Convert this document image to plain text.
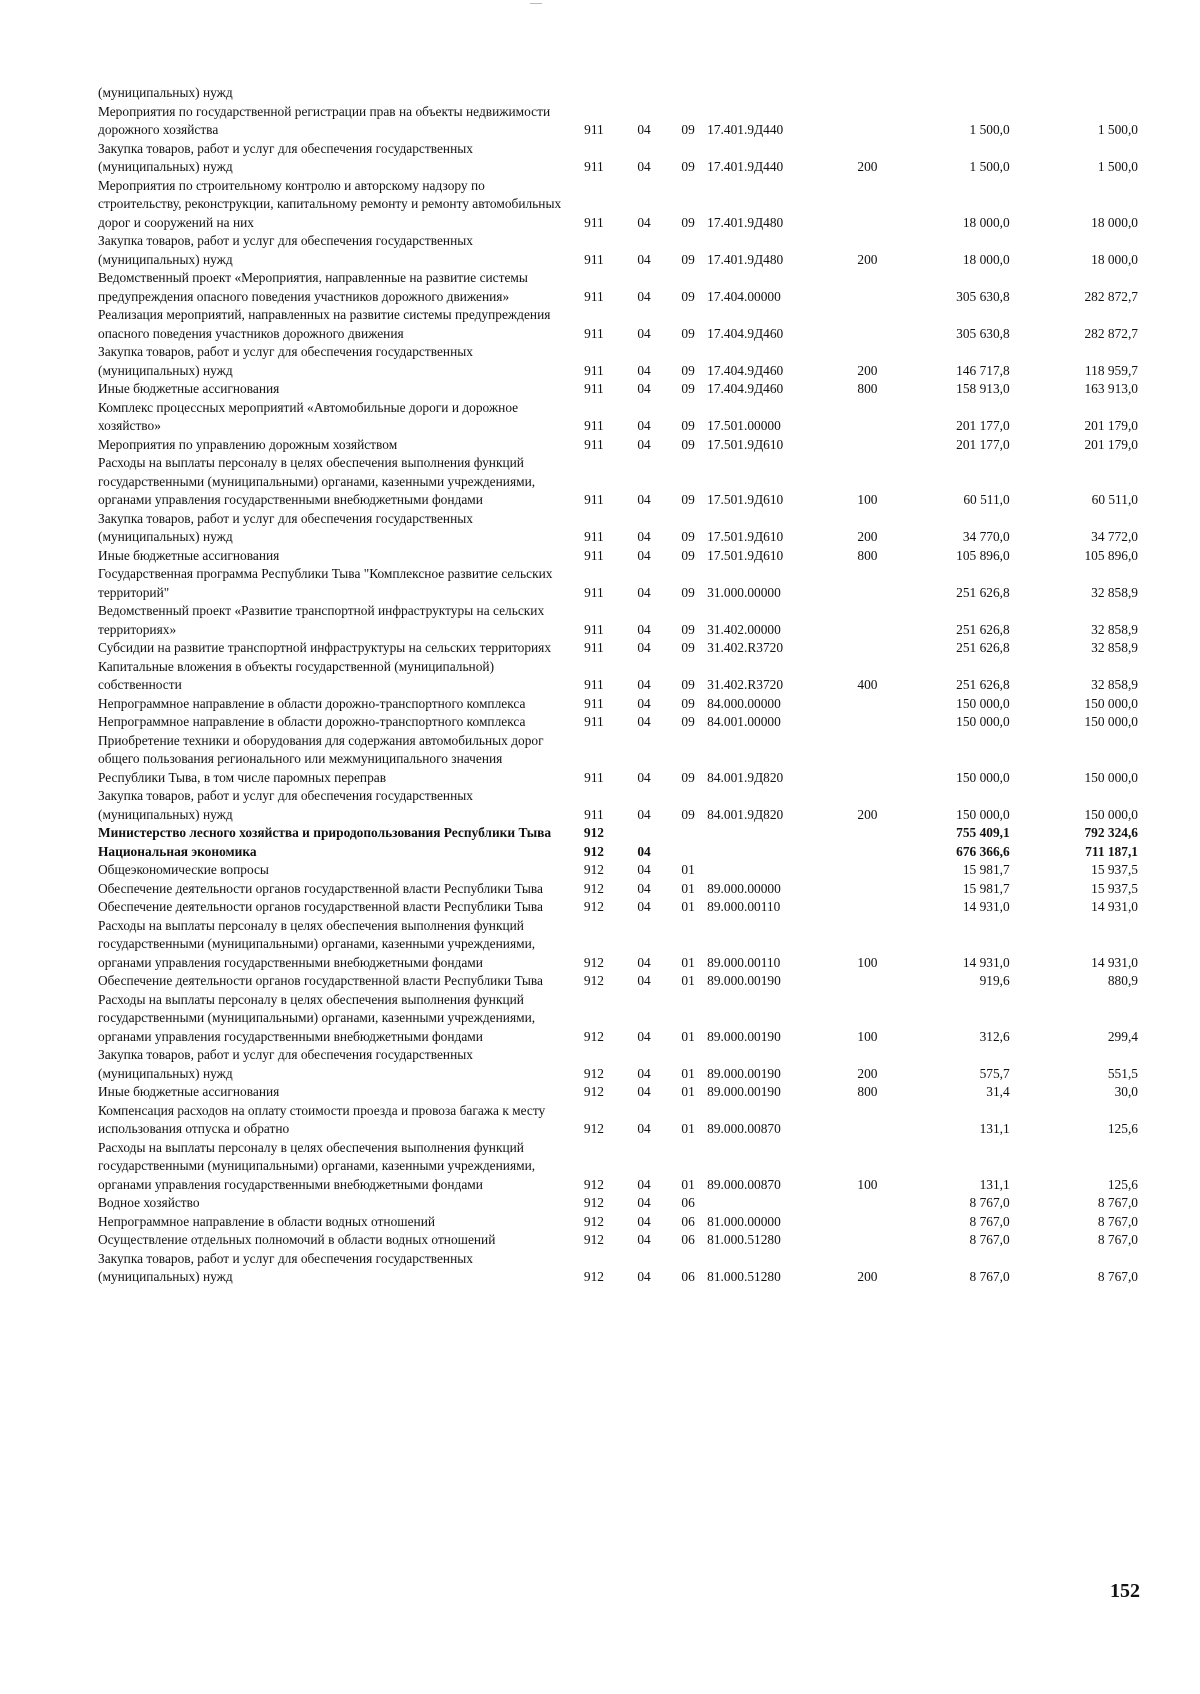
(муниципальных) нужд							
Мероприятия по государственной регистрации прав на объекты недвижимости дорожного хозяйства	911	04	09	17.401.9Д440		1 500,0	1 500,0
Закупка товаров, работ и услуг для обеспечения государственных (муниципальных) нужд	911	04	09	17.401.9Д440	200	1 500,0	1 500,0
Мероприятия по строительному контролю и авторскому надзору по строительству, реконструкции, капитальному ремонту и ремонту автомобильных дорог и сооружений на них	911	04	09	17.401.9Д480		18 000,0	18 000,0
Закупка товаров, работ и услуг для обеспечения государственных (муниципальных) нужд	911	04	09	17.401.9Д480	200	18 000,0	18 000,0
Ведомственный проект «Мероприятия, направленные на развитие системы предупреждения опасного поведения участников дорожного движения»	911	04	09	17.404.00000		305 630,8	282 872,7
Реализация мероприятий, направленных на развитие системы предупреждения опасного поведения участников дорожного движения	911	04	09	17.404.9Д460		305 630,8	282 872,7
Закупка товаров, работ и услуг для обеспечения государственных (муниципальных) нужд	911	04	09	17.404.9Д460	200	146 717,8	118 959,7
Иные бюджетные ассигнования	911	04	09	17.404.9Д460	800	158 913,0	163 913,0
Комплекс процессных мероприятий «Автомобильные дороги и дорожное хозяйство»	911	04	09	17.501.00000		201 177,0	201 179,0
Мероприятия по управлению дорожным хозяйством	911	04	09	17.501.9Д610		201 177,0	201 179,0
Расходы на выплаты персоналу в целях обеспечения выполнения функций государственными (муниципальными) органами, казенными учреждениями, органами управления государственными внебюджетными фондами	911	04	09	17.501.9Д610	100	60 511,0	60 511,0
Закупка товаров, работ и услуг для обеспечения государственных (муниципальных) нужд	911	04	09	17.501.9Д610	200	34 770,0	34 772,0
Иные бюджетные ассигнования	911	04	09	17.501.9Д610	800	105 896,0	105 896,0
Государственная программа Республики Тыва "Комплексное развитие сельских территорий"	911	04	09	31.000.00000		251 626,8	32 858,9
Ведомственный проект «Развитие транспортной инфраструктуры на сельских территориях»	911	04	09	31.402.00000		251 626,8	32 858,9
Субсидии на развитие транспортной инфраструктуры на сельских территориях	911	04	09	31.402.R3720		251 626,8	32 858,9
Капитальные вложения в объекты государственной (муниципальной) собственности	911	04	09	31.402.R3720	400	251 626,8	32 858,9
Непрограммное направление в области дорожно-транспортного комплекса	911	04	09	84.000.00000		150 000,0	150 000,0
Непрограммное направление в области дорожно-транспортного комплекса	911	04	09	84.001.00000		150 000,0	150 000,0
Приобретение техники и оборудования для содержания автомобильных дорог общего пользования регионального или межмуниципального значения Республики Тыва, в том числе паромных переправ	911	04	09	84.001.9Д820		150 000,0	150 000,0
Закупка товаров, работ и услуг для обеспечения государственных (муниципальных) нужд	911	04	09	84.001.9Д820	200	150 000,0	150 000,0
Министерство лесного хозяйства и природопользования Республики Тыва	912					755 409,1	792 324,6
Национальная экономика	912	04				676 366,6	711 187,1
Общеэкономические вопросы	912	04	01			15 981,7	15 937,5
Обеспечение деятельности органов государственной власти Республики Тыва	912	04	01	89.000.00000		15 981,7	15 937,5
Обеспечение деятельности органов государственной власти Республики Тыва	912	04	01	89.000.00110		14 931,0	14 931,0
Расходы на выплаты персоналу в целях обеспечения выполнения функций государственными (муниципальными) органами, казенными учреждениями, органами управления государственными внебюджетными фондами	912	04	01	89.000.00110	100	14 931,0	14 931,0
Обеспечение деятельности органов государственной власти Республики Тыва	912	04	01	89.000.00190		919,6	880,9
Расходы на выплаты персоналу в целях обеспечения выполнения функций государственными (муниципальными) органами, казенными учреждениями, органами управления государственными внебюджетными фондами	912	04	01	89.000.00190	100	312,6	299,4
Закупка товаров, работ и услуг для обеспечения государственных (муниципальных) нужд	912	04	01	89.000.00190	200	575,7	551,5
Иные бюджетные ассигнования	912	04	01	89.000.00190	800	31,4	30,0
Компенсация расходов на оплату стоимости проезда и провоза багажа к месту использования отпуска и обратно	912	04	01	89.000.00870		131,1	125,6
Расходы на выплаты персоналу в целях обеспечения выполнения функций государственными (муниципальными) органами, казенными учреждениями, органами управления государственными внебюджетными фондами	912	04	01	89.000.00870	100	131,1	125,6
Водное хозяйство	912	04	06			8 767,0	8 767,0
Непрограммное направление в области водных отношений	912	04	06	81.000.00000		8 767,0	8 767,0
Осуществление отдельных полномочий в области водных отношений	912	04	06	81.000.51280		8 767,0	8 767,0
Закупка товаров, работ и услуг для обеспечения государственных (муниципальных) нужд	912	04	06	81.000.51280	200	8 767,0	8 767,0
152
